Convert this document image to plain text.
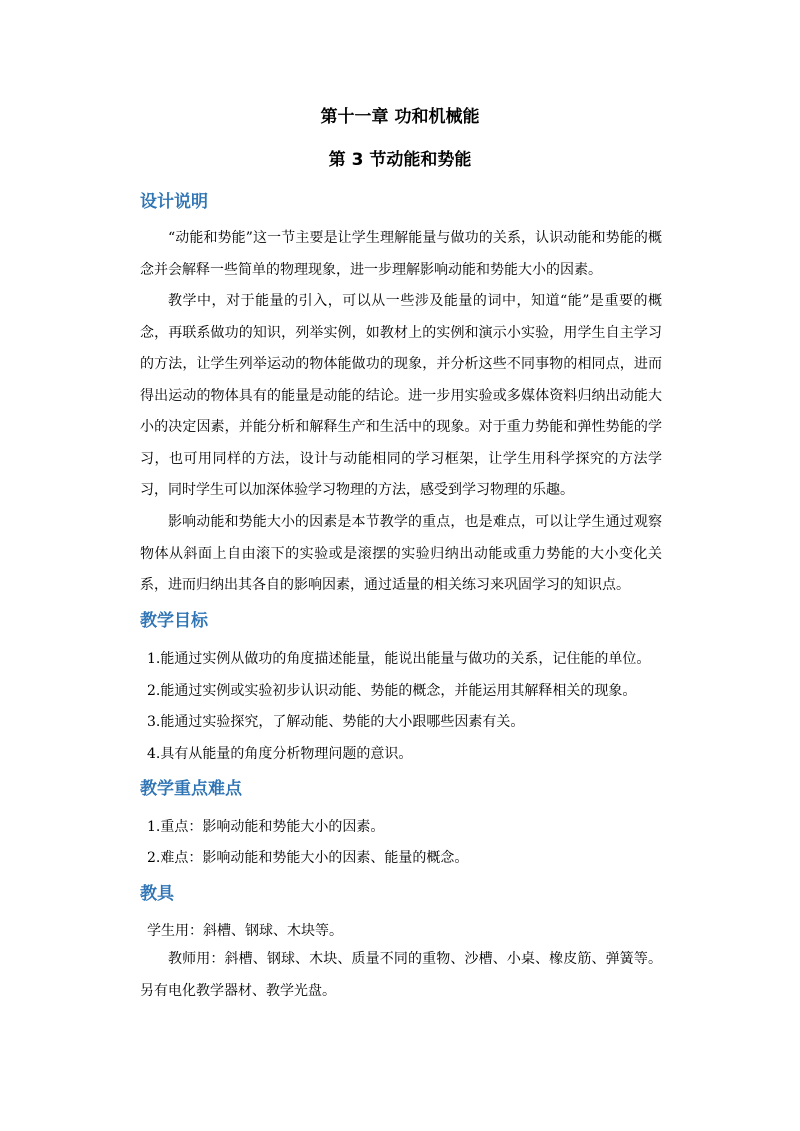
第十一章 功和机械能
第 3 节动能和势能
设计说明

“动能和势能”这一节主要是让学生理解能量与做功的关系，认识动能和势能的概念并会解释一些简单的物理现象，进一步理解影响动能和势能大小的因素。

教学中，对于能量的引入，可以从一些涉及能量的词中，知道“能”是重要的概念，再联系做功的知识，列举实例，如教材上的实例和演示小实验，用学生自主学习的方法，让学生列举运动的物体能做功的现象，并分析这些不同事物的相同点，进而得出运动的物体具有的能量是动能的结论。进一步用实验或多媒体资料归纳出动能大小的决定因素，并能分析和解释生产和生活中的现象。对于重力势能和弹性势能的学习，也可用同样的方法，设计与动能相同的学习框架，让学生用科学探究的方法学习，同时学生可以加深体验学习物理的方法，感受到学习物理的乐趣。

影响动能和势能大小的因素是本节教学的重点，也是难点，可以让学生通过观察物体从斜面上自由滚下的实验或是滚摆的实验归纳出动能或重力势能的大小变化关系，进而归纳出其各自的影响因素，通过适量的相关练习来巩固学习的知识点。

教学目标

1.能通过实例从做功的角度描述能量，能说出能量与做功的关系，记住能的单位。

2.能通过实例或实验初步认识动能、势能的概念，并能运用其解释相关的现象。

3.能通过实验探究，了解动能、势能的大小跟哪些因素有关。

4.具有从能量的角度分析物理问题的意识。

教学重点难点

1.重点：影响动能和势能大小的因素。

2.难点：影响动能和势能大小的因素、能量的概念。

教具

学生用：斜槽、钢球、木块等。

教师用：斜槽、钢球、木块、质量不同的重物、沙槽、小桌、橡皮筋、弹簧等。另有电化教学器材、教学光盘。
